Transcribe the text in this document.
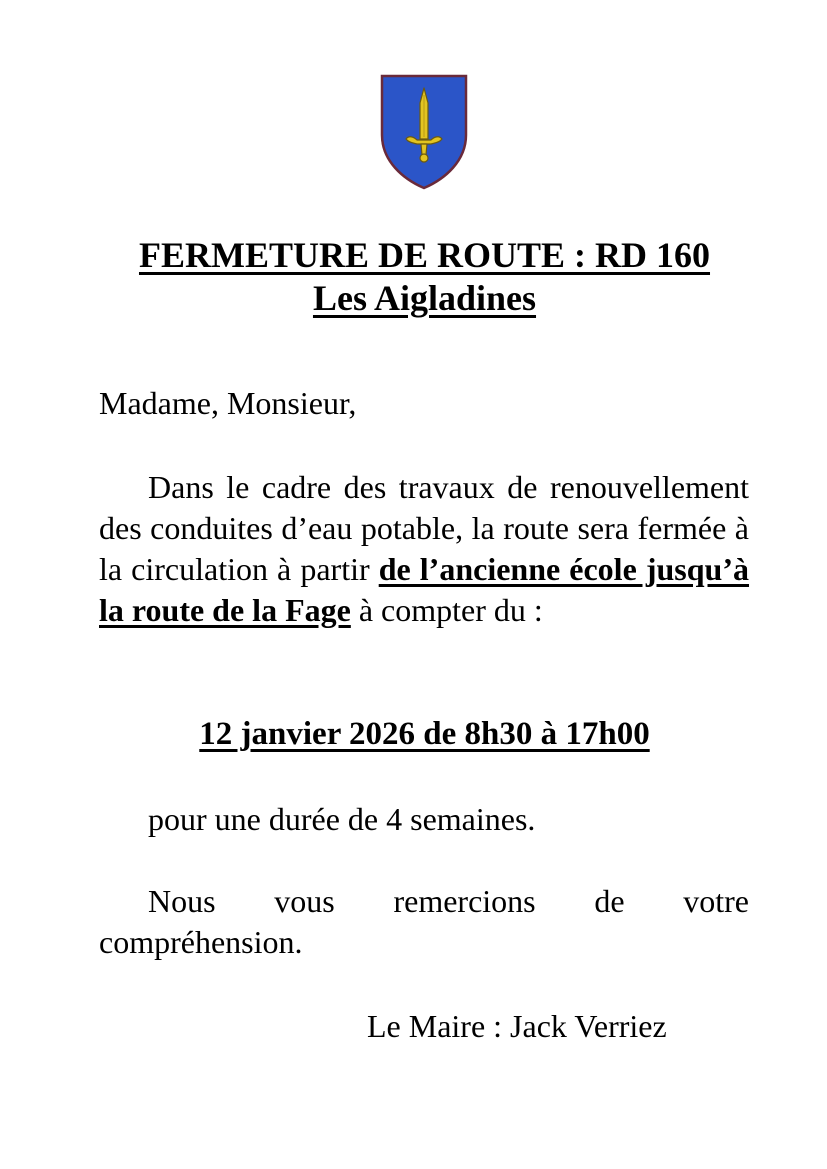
FERMETURE DE ROUTE : RD 160
Les Aigladines
Madame, Monsieur,
Dans le cadre des travaux de renouvellement des conduites d’eau potable, la route sera fermée à la circulation à partir de l’ancienne école jusqu’à la route de la Fage à compter du :
12 janvier 2026 de 8h30 à 17h00
pour une durée de 4 semaines.
Nous vous remercions de votre compréhension.
Le Maire : Jack Verriez
